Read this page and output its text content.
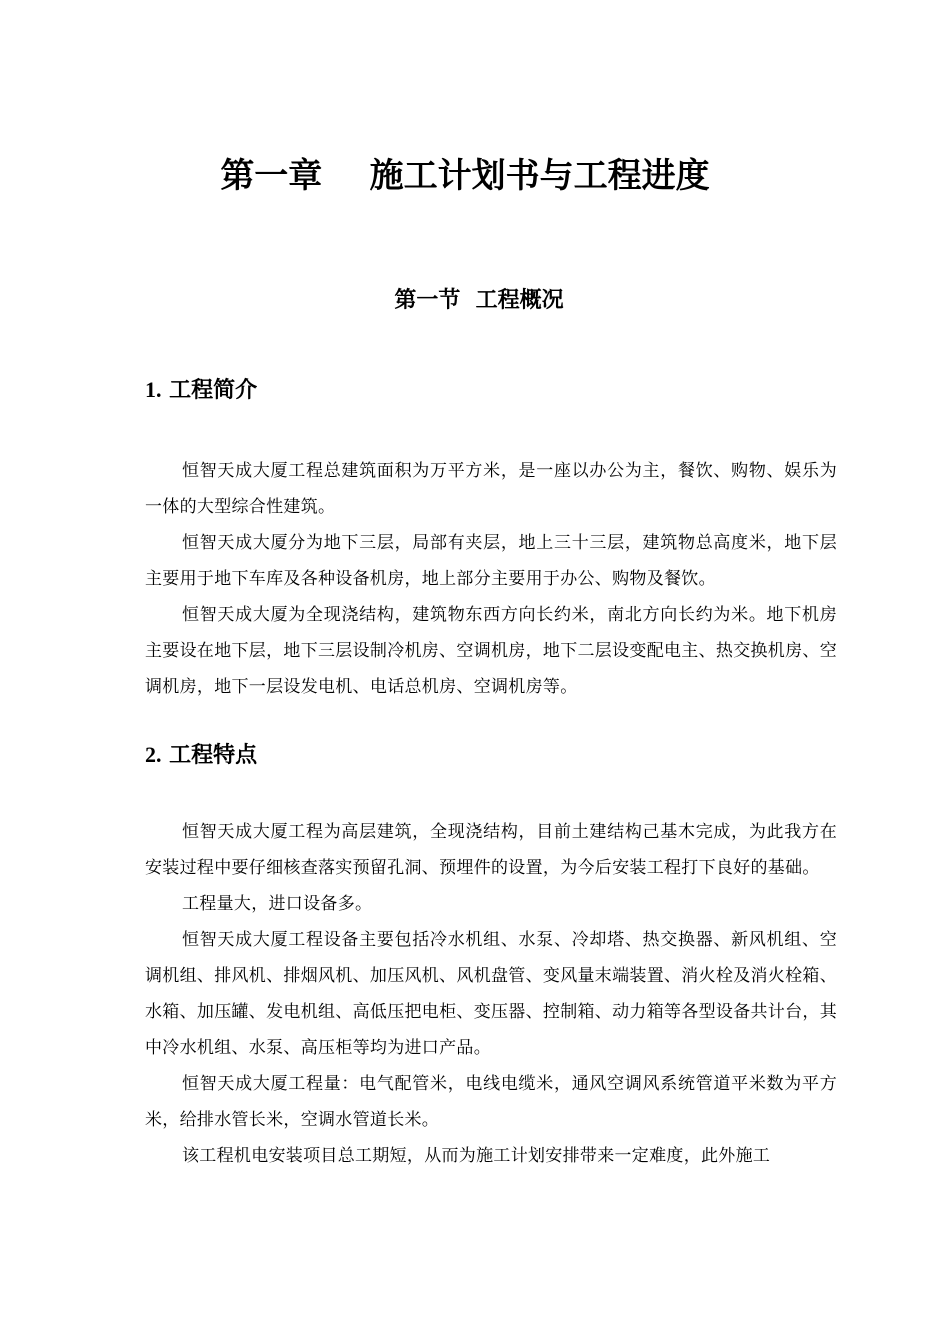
第一章    施工计划书与工程进度
第一节  工程概况
1. 工程简介

恒智天成大厦工程总建筑面积为万平方米，是一座以办公为主，餐饮、购物、娱乐为一体的大型综合性建筑。

恒智天成大厦分为地下三层，局部有夹层，地上三十三层，建筑物总高度米，地下层主要用于地下车库及各种设备机房，地上部分主要用于办公、购物及餐饮。

恒智天成大厦为全现浇结构，建筑物东西方向长约米，南北方向长约为米。地下机房主要设在地下层，地下三层设制冷机房、空调机房，地下二层设变配电主、热交换机房、空调机房，地下一层设发电机、电话总机房、空调机房等。

2. 工程特点

恒智天成大厦工程为高层建筑，全现浇结构，目前土建结构己基木完成，为此我方在安装过程中要仔细核查落实预留孔洞、预埋件的设置，为今后安装工程打下良好的基础。

工程量大，进口设备多。

恒智天成大厦工程设备主要包括冷水机组、水泵、冷却塔、热交换器、新风机组、空调机组、排风机、排烟风机、加压风机、风机盘管、变风量末端装置、消火栓及消火栓箱、水箱、加压罐、发电机组、高低压把电柜、变压器、控制箱、动力箱等各型设备共计台，其中冷水机组、水泵、高压柜等均为进口产品。

恒智天成大厦工程量：电气配管米，电线电缆米，通风空调风系统管道平米数为平方米，给排水管长米，空调水管道长米。

该工程机电安装项目总工期短，从而为施工计划安排带来一定难度，此外施工
